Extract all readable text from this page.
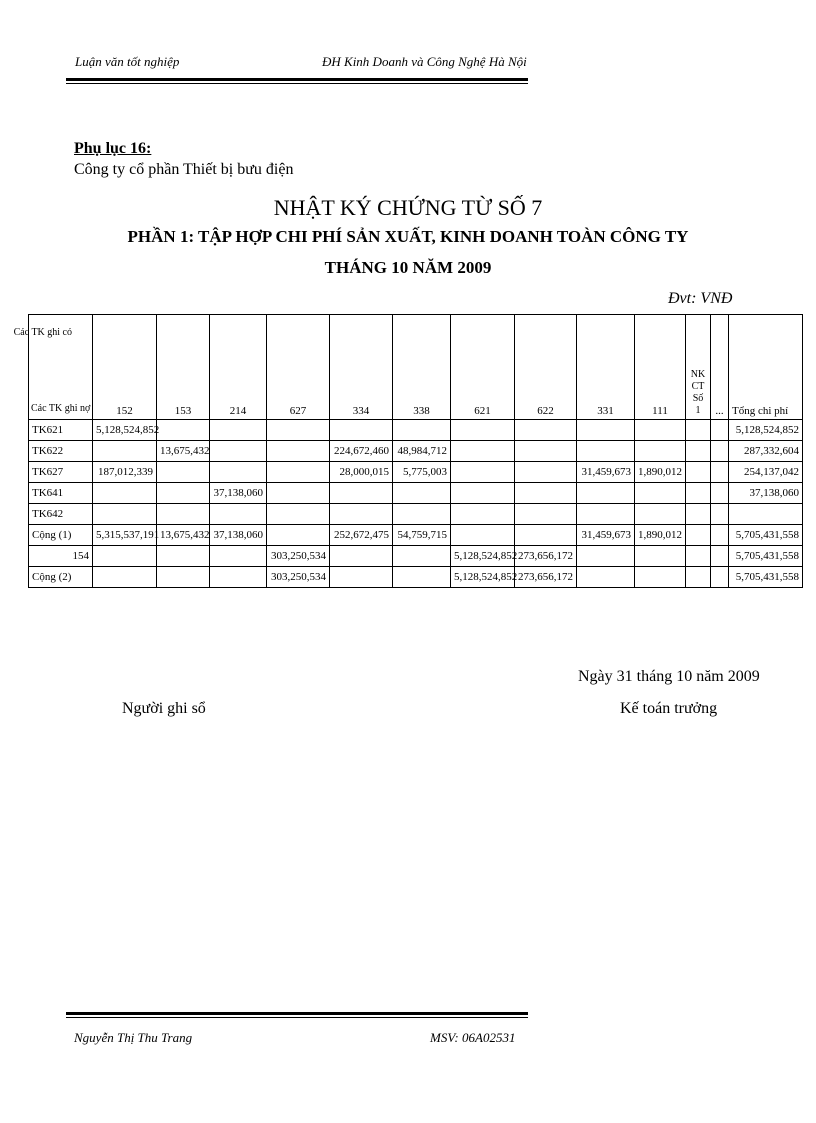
Luận văn tốt nghiệp	ĐH Kinh Doanh và Công Nghệ Hà Nội
Phụ lục 16:
Công ty cổ phần Thiết bị bưu điện
NHẬT KÝ CHỨNG TỪ SỐ 7
PHẦN 1: TẬP HỢP CHI PHÍ SẢN XUẤT, KINH DOANH TOÀN CÔNG TY
THÁNG 10 NĂM 2009
Đvt: VNĐ
Các TK ghi có
Các TK ghi nợ	152	153	214	627	334	338	621	622	331	111	NK CT Số 1	...	Tổng chi phí
TK621	5,128,524,852												5,128,524,852
TK622		13,675,432			224,672,460	48,984,712							287,332,604
TK627	187,012,339				28,000,015	5,775,003			31,459,673	1,890,012			254,137,042
TK641			37,138,060										37,138,060
TK642													
Cộng (1)	5,315,537,191	13,675,432	37,138,060		252,672,475	54,759,715			31,459,673	1,890,012			5,705,431,558
154				303,250,534			5,128,524,852	273,656,172					5,705,431,558
Cộng (2)				303,250,534			5,128,524,852	273,656,172					5,705,431,558
Ngày 31 tháng 10 năm 2009
Người ghi sổ	Kế toán trưởng
Nguyễn Thị Thu Trang	MSV: 06A02531
